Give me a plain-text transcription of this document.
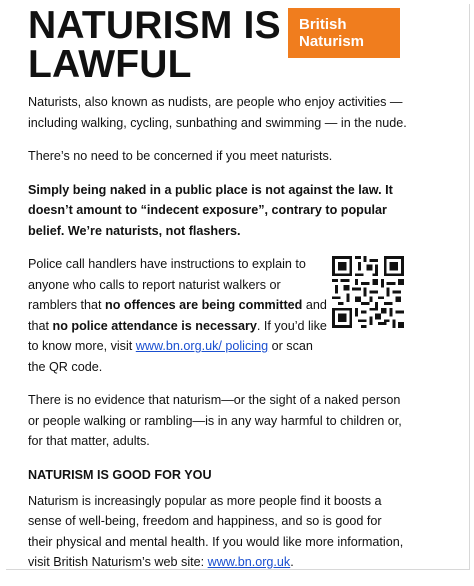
NATURISM IS LAWFUL
British
Naturism

Naturists, also known as nudists, are people who enjoy activities — including walking, cycling, sunbathing and swimming — in the nude.

There’s no need to be concerned if you meet naturists.

Simply being naked in a public place is not against the law. It doesn’t amount to “indecent exposure”, contrary to popular belief. We’re naturists, not flashers.

Police call handlers have instructions to explain to anyone who calls to report naturist walkers or ramblers that no offences are being committed and that no police attendance is necessary. If you’d like to know more, visit www.bn.org.uk/ policing or scan the QR code.

There is no evidence that naturism—or the sight of a naked person or people walking or rambling—is in any way harmful to children or, for that matter, adults.

NATURISM IS GOOD FOR YOU

Naturism is increasingly popular as more people find it boosts a sense of well-being, freedom and happiness, and so is good for their physical and mental health. If you would like more information, visit British Naturism’s web site: www.bn.org.uk.
